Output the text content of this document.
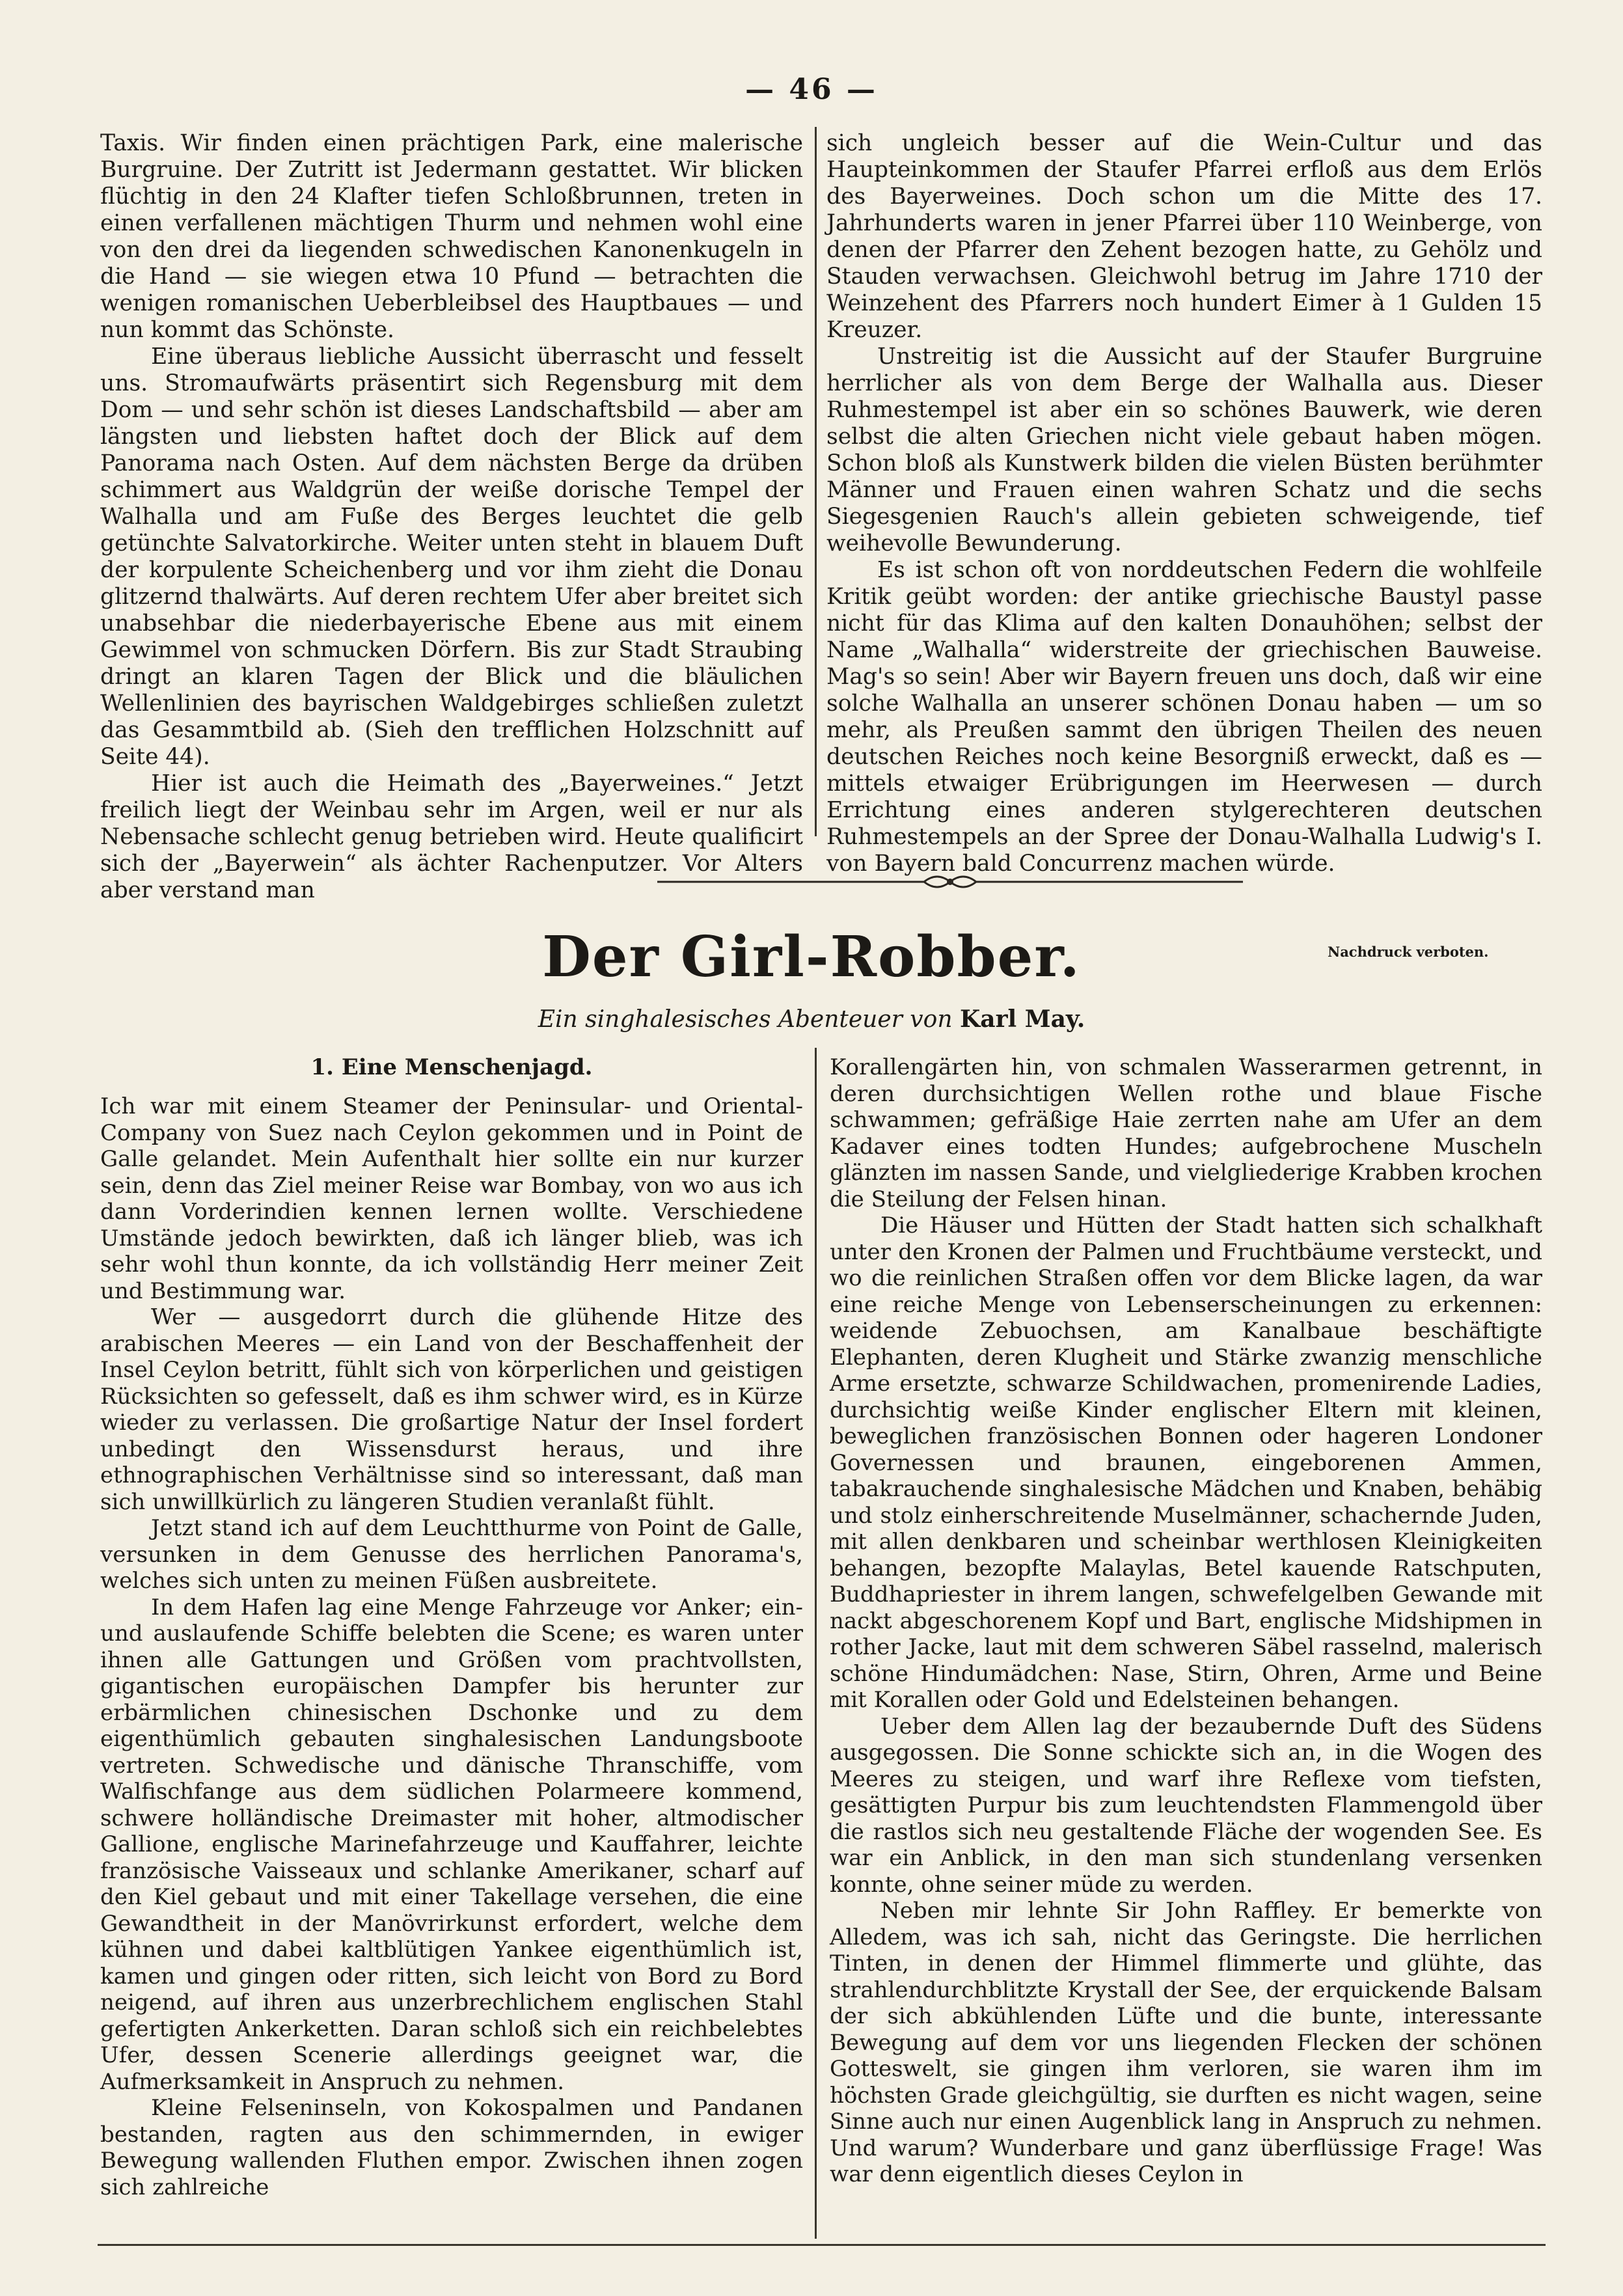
— 46 —

Taxis. Wir finden einen prächtigen Park, eine malerische Burgruine. Der Zutritt ist Jedermann gestattet. Wir blicken flüchtig in den 24 Klafter tiefen Schloßbrunnen, treten in einen verfallenen mächtigen Thurm und nehmen wohl eine von den drei da liegenden schwedischen Kanonenkugeln in die Hand — sie wiegen etwa 10 Pfund — betrachten die wenigen romanischen Ueberbleibsel des Hauptbaues — und nun kommt das Schönste.

Eine überaus liebliche Aussicht überrascht und fesselt uns. Stromaufwärts präsentirt sich Regensburg mit dem Dom — und sehr schön ist dieses Landschaftsbild — aber am längsten und liebsten haftet doch der Blick auf dem Panorama nach Osten. Auf dem nächsten Berge da drüben schimmert aus Waldgrün der weiße dorische Tempel der Walhalla und am Fuße des Berges leuchtet die gelb getünchte Salvatorkirche. Weiter unten steht in blauem Duft der korpulente Scheichenberg und vor ihm zieht die Donau glitzernd thalwärts. Auf deren rechtem Ufer aber breitet sich unabsehbar die niederbayerische Ebene aus mit einem Gewimmel von schmucken Dörfern. Bis zur Stadt Straubing dringt an klaren Tagen der Blick und die bläulichen Wellenlinien des bayrischen Waldgebirges schließen zuletzt das Gesammtbild ab. (Sieh den trefflichen Holzschnitt auf Seite 44).

Hier ist auch die Heimath des „Bayerweines.“ Jetzt freilich liegt der Weinbau sehr im Argen, weil er nur als Nebensache schlecht genug betrieben wird. Heute qualificirt sich der „Bayerwein“ als ächter Rachenputzer. Vor Alters aber verstand man

sich ungleich besser auf die Wein-Cultur und das Haupteinkommen der Staufer Pfarrei erfloß aus dem Erlös des Bayerweines. Doch schon um die Mitte des 17. Jahrhunderts waren in jener Pfarrei über 110 Weinberge, von denen der Pfarrer den Zehent bezogen hatte, zu Gehölz und Stauden verwachsen. Gleichwohl betrug im Jahre 1710 der Weinzehent des Pfarrers noch hundert Eimer à 1 Gulden 15 Kreuzer.

Unstreitig ist die Aussicht auf der Staufer Burgruine herrlicher als von dem Berge der Walhalla aus. Dieser Ruhmestempel ist aber ein so schönes Bauwerk, wie deren selbst die alten Griechen nicht viele gebaut haben mögen. Schon bloß als Kunstwerk bilden die vielen Büsten berühmter Männer und Frauen einen wahren Schatz und die sechs Siegesgenien Rauch's allein gebieten schweigende, tief weihevolle Bewunderung.

Es ist schon oft von norddeutschen Federn die wohlfeile Kritik geübt worden: der antike griechische Baustyl passe nicht für das Klima auf den kalten Donauhöhen; selbst der Name „Walhalla“ widerstreite der griechischen Bauweise. Mag's so sein! Aber wir Bayern freuen uns doch, daß wir eine solche Walhalla an unserer schönen Donau haben — um so mehr, als Preußen sammt den übrigen Theilen des neuen deutschen Reiches noch keine Besorgniß erweckt, daß es — mittels etwaiger Erübrigungen im Heerwesen — durch Errichtung eines anderen stylgerechteren deutschen Ruhmestempels an der Spree der Donau-Walhalla Ludwig's I. von Bayern bald Concurrenz machen würde.

Der Girl-Robber.	Nachdruck verboten.
Ein singhalesisches Abenteuer von Karl May.
1. Eine Menschenjagd.

Ich war mit einem Steamer der Peninsular- und Oriental-Company von Suez nach Ceylon gekommen und in Point de Galle gelandet. Mein Aufenthalt hier sollte ein nur kurzer sein, denn das Ziel meiner Reise war Bombay, von wo aus ich dann Vorderindien kennen lernen wollte. Verschiedene Umstände jedoch bewirkten, daß ich länger blieb, was ich sehr wohl thun konnte, da ich vollständig Herr meiner Zeit und Bestimmung war.

Wer — ausgedorrt durch die glühende Hitze des arabischen Meeres — ein Land von der Beschaffenheit der Insel Ceylon betritt, fühlt sich von körperlichen und geistigen Rücksichten so gefesselt, daß es ihm schwer wird, es in Kürze wieder zu verlassen. Die großartige Natur der Insel fordert unbedingt den Wissensdurst heraus, und ihre ethnographischen Verhältnisse sind so interessant, daß man sich unwillkürlich zu längeren Studien veranlaßt fühlt.

Jetzt stand ich auf dem Leuchtthurme von Point de Galle, versunken in dem Genusse des herrlichen Panorama's, welches sich unten zu meinen Füßen ausbreitete.

In dem Hafen lag eine Menge Fahrzeuge vor Anker; ein- und auslaufende Schiffe belebten die Scene; es waren unter ihnen alle Gattungen und Größen vom prachtvollsten, gigantischen europäischen Dampfer bis herunter zur erbärmlichen chinesischen Dschonke und zu dem eigenthümlich gebauten singhalesischen Landungsboote vertreten. Schwedische und dänische Thranschiffe, vom Walfischfange aus dem südlichen Polarmeere kommend, schwere holländische Dreimaster mit hoher, altmodischer Gallione, englische Marinefahrzeuge und Kauffahrer, leichte französische Vaisseaux und schlanke Amerikaner, scharf auf den Kiel gebaut und mit einer Takellage versehen, die eine Gewandtheit in der Manövrirkunst erfordert, welche dem kühnen und dabei kaltblütigen Yankee eigenthümlich ist, kamen und gingen oder ritten, sich leicht von Bord zu Bord neigend, auf ihren aus unzerbrechlichem englischen Stahl gefertigten Ankerketten. Daran schloß sich ein reichbelebtes Ufer, dessen Scenerie allerdings geeignet war, die Aufmerksamkeit in Anspruch zu nehmen.

Kleine Felseninseln, von Kokospalmen und Pandanen bestanden, ragten aus den schimmernden, in ewiger Bewegung wallenden Fluthen empor. Zwischen ihnen zogen sich zahlreiche

Korallengärten hin, von schmalen Wasserarmen getrennt, in deren durchsichtigen Wellen rothe und blaue Fische schwammen; gefräßige Haie zerrten nahe am Ufer an dem Kadaver eines todten Hundes; aufgebrochene Muscheln glänzten im nassen Sande, und vielgliederige Krabben krochen die Steilung der Felsen hinan.

Die Häuser und Hütten der Stadt hatten sich schalkhaft unter den Kronen der Palmen und Fruchtbäume versteckt, und wo die reinlichen Straßen offen vor dem Blicke lagen, da war eine reiche Menge von Lebenserscheinungen zu erkennen: weidende Zebuochsen, am Kanalbaue beschäftigte Elephanten, deren Klugheit und Stärke zwanzig menschliche Arme ersetzte, schwarze Schildwachen, promenirende Ladies, durchsichtig weiße Kinder englischer Eltern mit kleinen, beweglichen französischen Bonnen oder hageren Londoner Governessen und braunen, eingeborenen Ammen, tabakrauchende singhalesische Mädchen und Knaben, behäbig und stolz einherschreitende Muselmänner, schachernde Juden, mit allen denkbaren und scheinbar werthlosen Kleinigkeiten behangen, bezopfte Malaylas, Betel kauende Ratschputen, Buddhapriester in ihrem langen, schwefelgelben Gewande mit nackt abgeschorenem Kopf und Bart, englische Midshipmen in rother Jacke, laut mit dem schweren Säbel rasselnd, malerisch schöne Hindumädchen: Nase, Stirn, Ohren, Arme und Beine mit Korallen oder Gold und Edelsteinen behangen.

Ueber dem Allen lag der bezaubernde Duft des Südens ausgegossen. Die Sonne schickte sich an, in die Wogen des Meeres zu steigen, und warf ihre Reflexe vom tiefsten, gesättigten Purpur bis zum leuchtendsten Flammengold über die rastlos sich neu gestaltende Fläche der wogenden See. Es war ein Anblick, in den man sich stundenlang versenken konnte, ohne seiner müde zu werden.

Neben mir lehnte Sir John Raffley. Er bemerkte von Alledem, was ich sah, nicht das Geringste. Die herrlichen Tinten, in denen der Himmel flimmerte und glühte, das strahlendurchblitzte Krystall der See, der erquickende Balsam der sich abkühlenden Lüfte und die bunte, interessante Bewegung auf dem vor uns liegenden Flecken der schönen Gotteswelt, sie gingen ihm verloren, sie waren ihm im höchsten Grade gleichgültig, sie durften es nicht wagen, seine Sinne auch nur einen Augenblick lang in Anspruch zu nehmen. Und warum? Wunderbare und ganz überflüssige Frage! Was war denn eigentlich dieses Ceylon in
